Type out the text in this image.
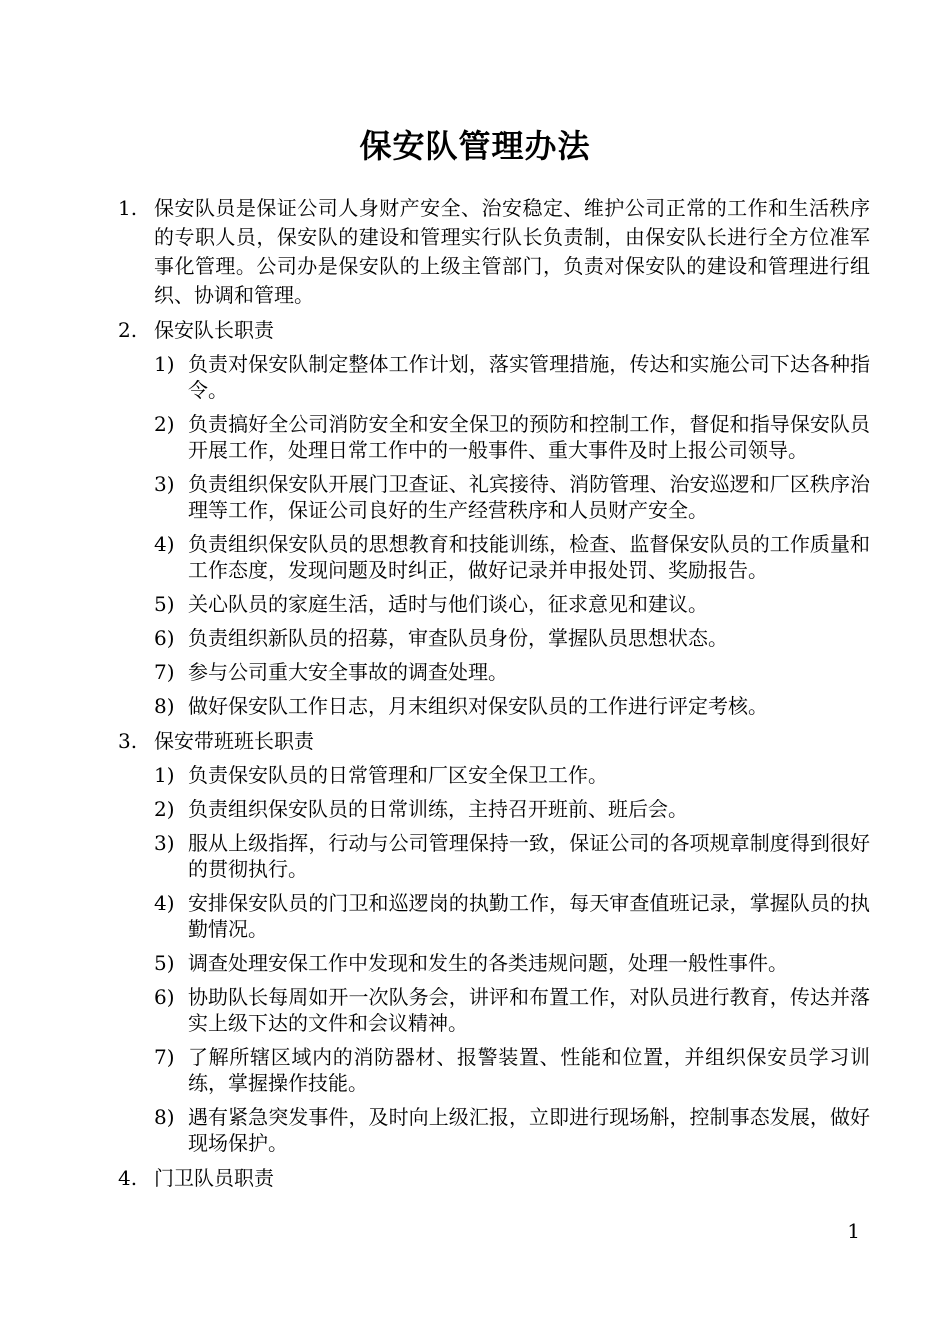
保安队管理办法
1. 保安队员是保证公司人身财产安全、治安稳定、维护公司正常的工作和生活秩序的专职人员，保安队的建设和管理实行队长负责制，由保安队长进行全方位准军事化管理。公司办是保安队的上级主管部门，负责对保安队的建设和管理进行组织、协调和管理。
2. 保安队长职责
1) 负责对保安队制定整体工作计划，落实管理措施，传达和实施公司下达各种指令。
2) 负责搞好全公司消防安全和安全保卫的预防和控制工作，督促和指导保安队员开展工作，处理日常工作中的一般事件、重大事件及时上报公司领导。
3) 负责组织保安队开展门卫查证、礼宾接待、消防管理、治安巡逻和厂区秩序治理等工作，保证公司良好的生产经营秩序和人员财产安全。
4) 负责组织保安队员的思想教育和技能训练，检查、监督保安队员的工作质量和工作态度，发现问题及时纠正，做好记录并申报处罚、奖励报告。
5) 关心队员的家庭生活，适时与他们谈心，征求意见和建议。
6) 负责组织新队员的招募，审查队员身份，掌握队员思想状态。
7) 参与公司重大安全事故的调查处理。
8) 做好保安队工作日志，月末组织对保安队员的工作进行评定考核。
3. 保安带班班长职责
1) 负责保安队员的日常管理和厂区安全保卫工作。
2) 负责组织保安队员的日常训练，主持召开班前、班后会。
3) 服从上级指挥，行动与公司管理保持一致，保证公司的各项规章制度得到很好的贯彻执行。
4) 安排保安队员的门卫和巡逻岗的执勤工作，每天审查值班记录，掌握队员的执勤情况。
5) 调查处理安保工作中发现和发生的各类违规问题，处理一般性事件。
6) 协助队长每周如开一次队务会，讲评和布置工作，对队员进行教育，传达并落实上级下达的文件和会议精神。
7) 了解所辖区域内的消防器材、报警装置、性能和位置，并组织保安员学习训练，掌握操作技能。
8) 遇有紧急突发事件，及时向上级汇报，立即进行现场斛，控制事态发展，做好现场保护。
4. 门卫队员职责
1
